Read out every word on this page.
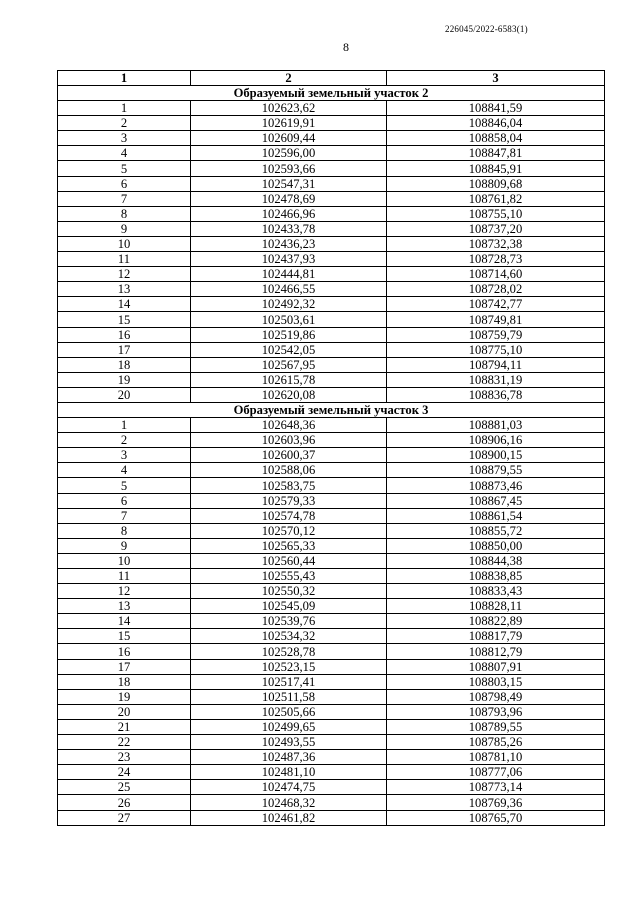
226045/2022-6583(1)
8
1	2	3
Образуемый земельный участок 2		
1	102623,62	108841,59
2	102619,91	108846,04
3	102609,44	108858,04
4	102596,00	108847,81
5	102593,66	108845,91
6	102547,31	108809,68
7	102478,69	108761,82
8	102466,96	108755,10
9	102433,78	108737,20
10	102436,23	108732,38
11	102437,93	108728,73
12	102444,81	108714,60
13	102466,55	108728,02
14	102492,32	108742,77
15	102503,61	108749,81
16	102519,86	108759,79
17	102542,05	108775,10
18	102567,95	108794,11
19	102615,78	108831,19
20	102620,08	108836,78
Образуемый земельный участок 3		
1	102648,36	108881,03
2	102603,96	108906,16
3	102600,37	108900,15
4	102588,06	108879,55
5	102583,75	108873,46
6	102579,33	108867,45
7	102574,78	108861,54
8	102570,12	108855,72
9	102565,33	108850,00
10	102560,44	108844,38
11	102555,43	108838,85
12	102550,32	108833,43
13	102545,09	108828,11
14	102539,76	108822,89
15	102534,32	108817,79
16	102528,78	108812,79
17	102523,15	108807,91
18	102517,41	108803,15
19	102511,58	108798,49
20	102505,66	108793,96
21	102499,65	108789,55
22	102493,55	108785,26
23	102487,36	108781,10
24	102481,10	108777,06
25	102474,75	108773,14
26	102468,32	108769,36
27	102461,82	108765,70
